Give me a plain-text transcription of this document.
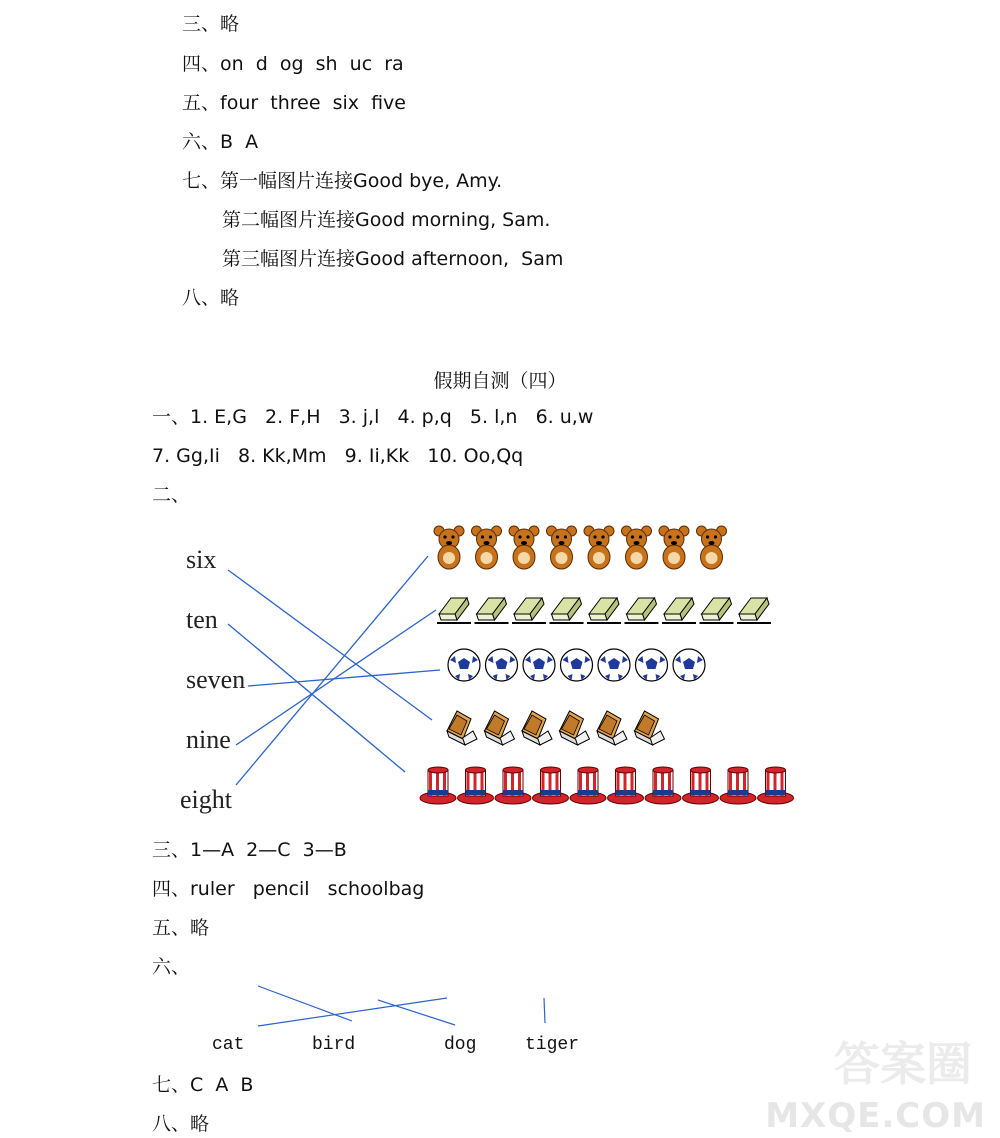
三、略
四、on  d  og  sh  uc  ra
五、four  three  six  five
六、B  A
七、第一幅图片连接Good bye, Amy.
第二幅图片连接Good morning, Sam.
第三幅图片连接Good afternoon,  Sam
八、略
假期自测（四）
一、1. E,G   2. F,H   3. j,l   4. p,q   5. l,n   6. u,w
7. Gg,Ii   8. Kk,Mm   9. Ii,Kk   10. Oo,Qq
二、
six
ten
seven
nine
eight
三、1—A  2—C  3—B
四、ruler   pencil   schoolbag
五、略
六、
cat	bird	dog	tiger
七、C  A  B
八、略
答案圈
MXQE.COM
